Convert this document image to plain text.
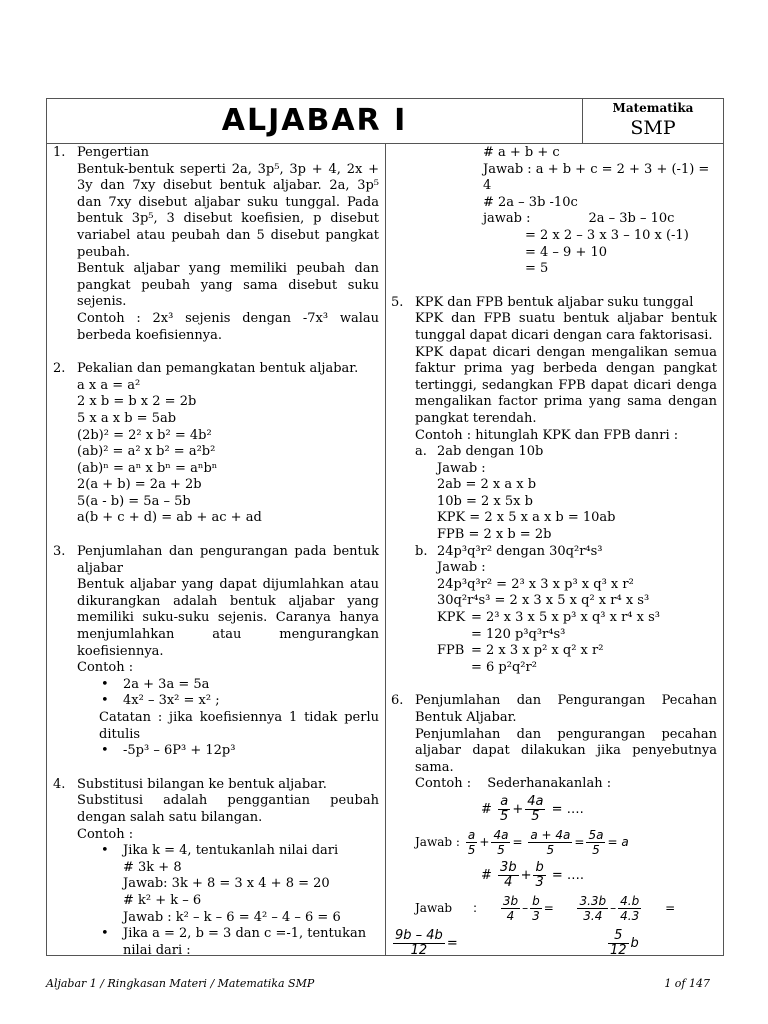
ALJABAR I	Matematika
SMP
1. Pengertian

Bentuk-bentuk seperti 2a, 3p⁵, 3p + 4, 2x + 3y dan 7xy disebut bentuk aljabar. 2a, 3p⁵ dan 7xy disebut aljabar suku tunggal. Pada bentuk 3p⁵, 3 disebut koefisien, p disebut variabel atau peubah dan 5 disebut pangkat peubah.

Bentuk aljabar yang memiliki peubah dan pangkat peubah yang sama disebut suku sejenis.

Contoh : 2x³ sejenis dengan -7x³ walau berbeda koefisiennya.

2. Pekalian dan pemangkatan bentuk aljabar.

a x a = a²

2 x b = b x 2 = 2b

5 x a x b = 5ab

(2b)² = 2² x b² = 4b²

(ab)² = a² x b² = a²b²

(ab)ⁿ = aⁿ x bⁿ = aⁿbⁿ

2(a + b) = 2a + 2b

5(a - b) = 5a – 5b

a(b + c + d) = ab + ac + ad

3. Penjumlahan dan pengurangan pada bentuk aljabar

Bentuk aljabar yang dapat dijumlahkan atau dikurangkan adalah bentuk aljabar yang memiliki suku-suku sejenis. Caranya hanya menjumlahkan atau mengurangkan koefisiennya.

Contoh :

• 2a + 3a = 5a
• 4x² – 3x² = x² ;

Catatan : jika koefisiennya 1 tidak perlu ditulis

• -5p³ – 6P³ + 12p³
4. Substitusi bilangan ke bentuk aljabar.

Substitusi adalah penggantian peubah dengan salah satu bilangan.

Contoh :

• Jika k = 4, tentukanlah nilai dari

# 3k + 8

Jawab: 3k + 8 = 3 x 4 + 8 = 20

# k² + k – 6

Jawab : k² – k – 6 = 4² – 4 – 6 = 6

• Jika a = 2, b = 3 dan c =-1, tentukan nilai dari :

# a + b + c

Jawab : a + b + c = 2 + 3 + (-1) = 4

# 2a – 3b -10c

jawab :	2a – 3b – 10c

= 2 x 2 – 3 x 3 – 10 x (-1)

= 4 – 9 + 10

= 5

5. KPK dan FPB bentuk aljabar suku tunggal

KPK dan FPB suatu bentuk aljabar bentuk tunggal dapat dicari dengan cara faktorisasi.

KPK dapat dicari dengan mengalikan semua faktur prima yag berbeda dengan pangkat tertinggi, sedangkan FPB dapat dicari denga mengalikan factor prima yang sama dengan pangkat terendah.

Contoh : hitunglah KPK dan FPB danri :

a. 2ab dengan 10b

Jawab :

2ab = 2 x a x b

10b = 2 x 5x b

KPK = 2 x 5 x a x b = 10ab

FPB = 2 x b = 2b

b. 24p³q³r² dengan 30q²r⁴s³

Jawab :

24p³q³r² = 2³ x 3 x p³ x q³ x r²

30q²r⁴s³ = 2 x 3 x 5 x q² x r⁴ x s³

KPK = 2³ x 3 x 5 x p³ x q³ x r⁴ x s³

= 120 p³q³r⁴s³

FPB = 2 x 3 x p² x q² x r²

= 6 p²q²r²

6. Penjumlahan dan Pengurangan Pecahan Bentuk Aljabar.

Penjumlahan dan pengurangan pecahan aljabar dapat dilakukan jika penyebutnya sama.

Contoh : Sederhanakanlah :

# $\frac{a}{5} + \frac{4a}{5}$ = ….
Jawab : $\frac{a}{5} + \frac{4a}{5} = \frac{a + 4a}{5} = \frac{5a}{5} = a$
# $\frac{3b}{4} + \frac{b}{3}$ = ….
Jawab : $\frac{3b}{4} - \frac{b}{3} = \frac{3.3b}{3.4} - \frac{4.b}{4.3}$ =
$\frac{9b - 4b}{12}$ =	$\frac{5}{12}$ b
Aljabar 1 / Ringkasan Materi / Matematika SMP	1 of 147
